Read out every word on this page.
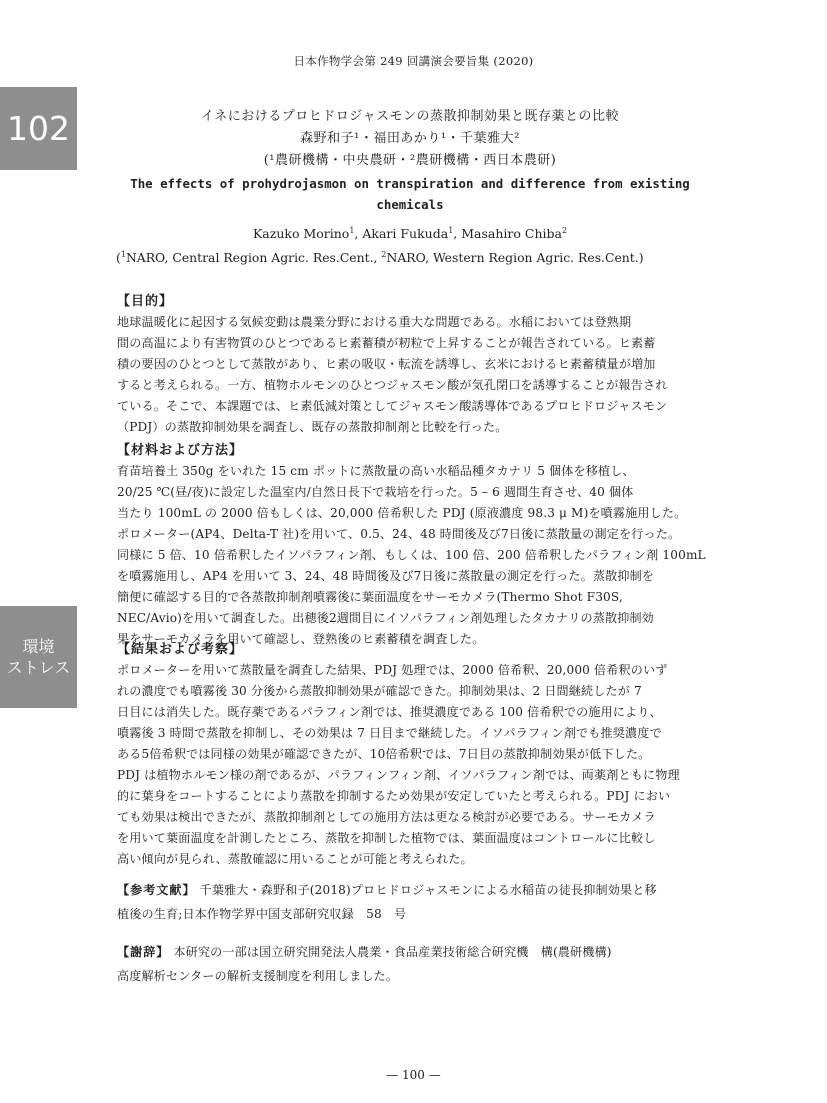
日本作物学会第 249 回講演会要旨集 (2020)
102
環境
ストレス
イネにおけるプロヒドロジャスモンの蒸散抑制効果と既存薬との比較
森野和子¹・福田あかり¹・千葉雅大²
(¹農研機構・中央農研・²農研機構・西日本農研)
The effects of prohydrojasmon on transpiration and difference from existing
chemicals
Kazuko Morino$^1$, Akari Fukuda$^1$, Masahiro Chiba$^2$
($^1$NARO, Central Region Agric. Res.Cent., $^2$NARO, Western Region Agric. Res.Cent.)
【目的】
地球温暖化に起因する気候変動は農業分野における重大な問題である。水稲においては登熟期
間の高温により有害物質のひとつであるヒ素蓄積が籾粒で上昇することが報告されている。ヒ素蓄
積の要因のひとつとして蒸散があり、ヒ素の吸収・転流を誘導し、玄米におけるヒ素蓄積量が増加
すると考えられる。一方、植物ホルモンのひとつジャスモン酸が気孔閉口を誘導することが報告され
ている。そこで、本課題では、ヒ素低減対策としてジャスモン酸誘導体であるプロヒドロジャスモン
（PDJ）の蒸散抑制効果を調査し、既存の蒸散抑制剤と比較を行った。
【材料および方法】
育苗培養土 350g をいれた 15 cm ポットに蒸散量の高い水稲品種タカナリ 5 個体を移植し、
20/25 ℃(昼/夜)に設定した温室内/自然日長下で栽培を行った。5 – 6 週間生育させ、40 個体
当たり 100mL の 2000 倍もしくは、20,000 倍希釈した PDJ (原液濃度 98.3 μ M)を噴霧施用した。
ポロメーター(AP4、Delta-T 社)を用いて、0.5、24、48 時間後及び7日後に蒸散量の測定を行った。
同様に 5 倍、10 倍希釈したイソパラフィン剤、もしくは、100 倍、200 倍希釈したパラフィン剤 100mL
を噴霧施用し、AP4 を用いて 3、24、48 時間後及び7日後に蒸散量の測定を行った。蒸散抑制を
簡便に確認する目的で各蒸散抑制剤噴霧後に葉面温度をサーモカメラ(Thermo Shot F30S,
NEC/Avio)を用いて調査した。出穂後2週間目にイソパラフィン剤処理したタカナリの蒸散抑制効
果をサーモカメラを用いて確認し、登熟後のヒ素蓄積を調査した。
【結果および考察】
ポロメーターを用いて蒸散量を調査した結果、PDJ 処理では、2000 倍希釈、20,000 倍希釈のいず
れの濃度でも噴霧後 30 分後から蒸散抑制効果が確認できた。抑制効果は、2 日間継続したが 7
日目には消失した。既存薬であるパラフィン剤では、推奨濃度である 100 倍希釈での施用により、
噴霧後 3 時間で蒸散を抑制し、その効果は 7 日目まで継続した。イソパラフィン剤でも推奨濃度で
ある5倍希釈では同様の効果が確認できたが、10倍希釈では、7日目の蒸散抑制効果が低下した。
PDJ は植物ホルモン様の剤であるが、パラフィンフィン剤、イソパラフィン剤では、両薬剤ともに物理
的に葉身をコートすることにより蒸散を抑制するため効果が安定していたと考えられる。PDJ におい
ても効果は検出できたが、蒸散抑制剤としての施用方法は更なる検討が必要である。サーモカメラ
を用いて葉面温度を計測したところ、蒸散を抑制した植物では、葉面温度はコントロールに比較し
高い傾向が見られ、蒸散確認に用いることが可能と考えられた。
【参考文献】 千葉雅大・森野和子(2018)プロヒドロジャスモンによる水稲苗の徒長抑制効果と移
植後の生育;日本作物学界中国支部研究収録　58　号
【謝辞】 本研究の一部は国立研究開発法人農業・食品産業技術総合研究機　構(農研機構)
高度解析センターの解析支援制度を利用しました。
— 100 —
